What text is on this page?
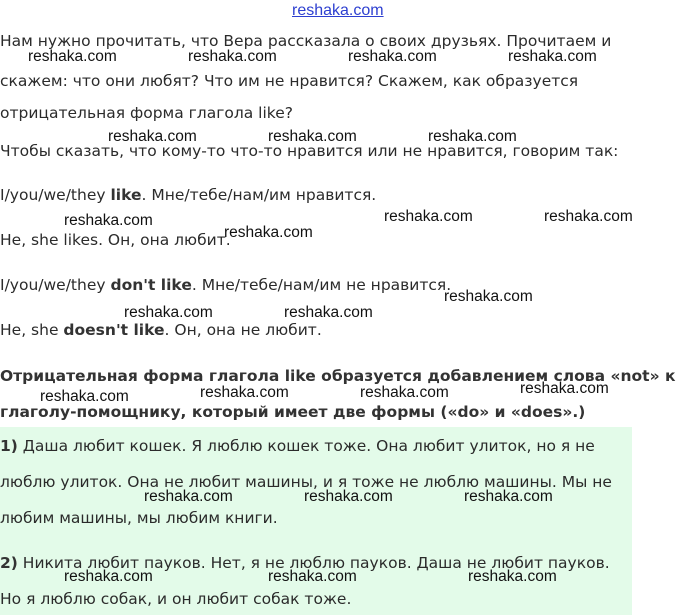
reshaka.com
Нам нужно прочитать, что Вера рассказала о своих друзьях. Прочитаем и
скажем: что они любят? Что им не нравится? Скажем, как образуется
отрицательная форма глагола like?
Чтобы сказать, что кому-то что-то нравится или не нравится, говорим так:
I/you/we/they like. Мне/тебе/нам/им нравится.
He, she likes. Он, она любит.
I/you/we/they don't like. Мне/тебе/нам/им не нравится.
He, she doesn't like. Он, она не любит.
Отрицательная форма глагола like образуется добавлением слова «not» к
глаголу-помощнику, который имеет две формы («do» и «does».)
1) Даша любит кошек. Я люблю кошек тоже. Она любит улиток, но я не
люблю улиток. Она не любит машины, и я тоже не люблю машины. Мы не
любим машины, мы любим книги.
2) Никита любит пауков. Нет, я не люблю пауков. Даша не любит пауков.
Но я люблю собак, и он любит собак тоже.
reshaka.com	reshaka.com	reshaka.com	reshaka.com
reshaka.com	reshaka.com	reshaka.com
reshaka.com	reshaka.com
reshaka.com
reshaka.com
reshaka.com
reshaka.com	reshaka.com
reshaka.com
reshaka.com	reshaka.com
reshaka.com
reshaka.com	reshaka.com	reshaka.com
reshaka.com	reshaka.com	reshaka.com
